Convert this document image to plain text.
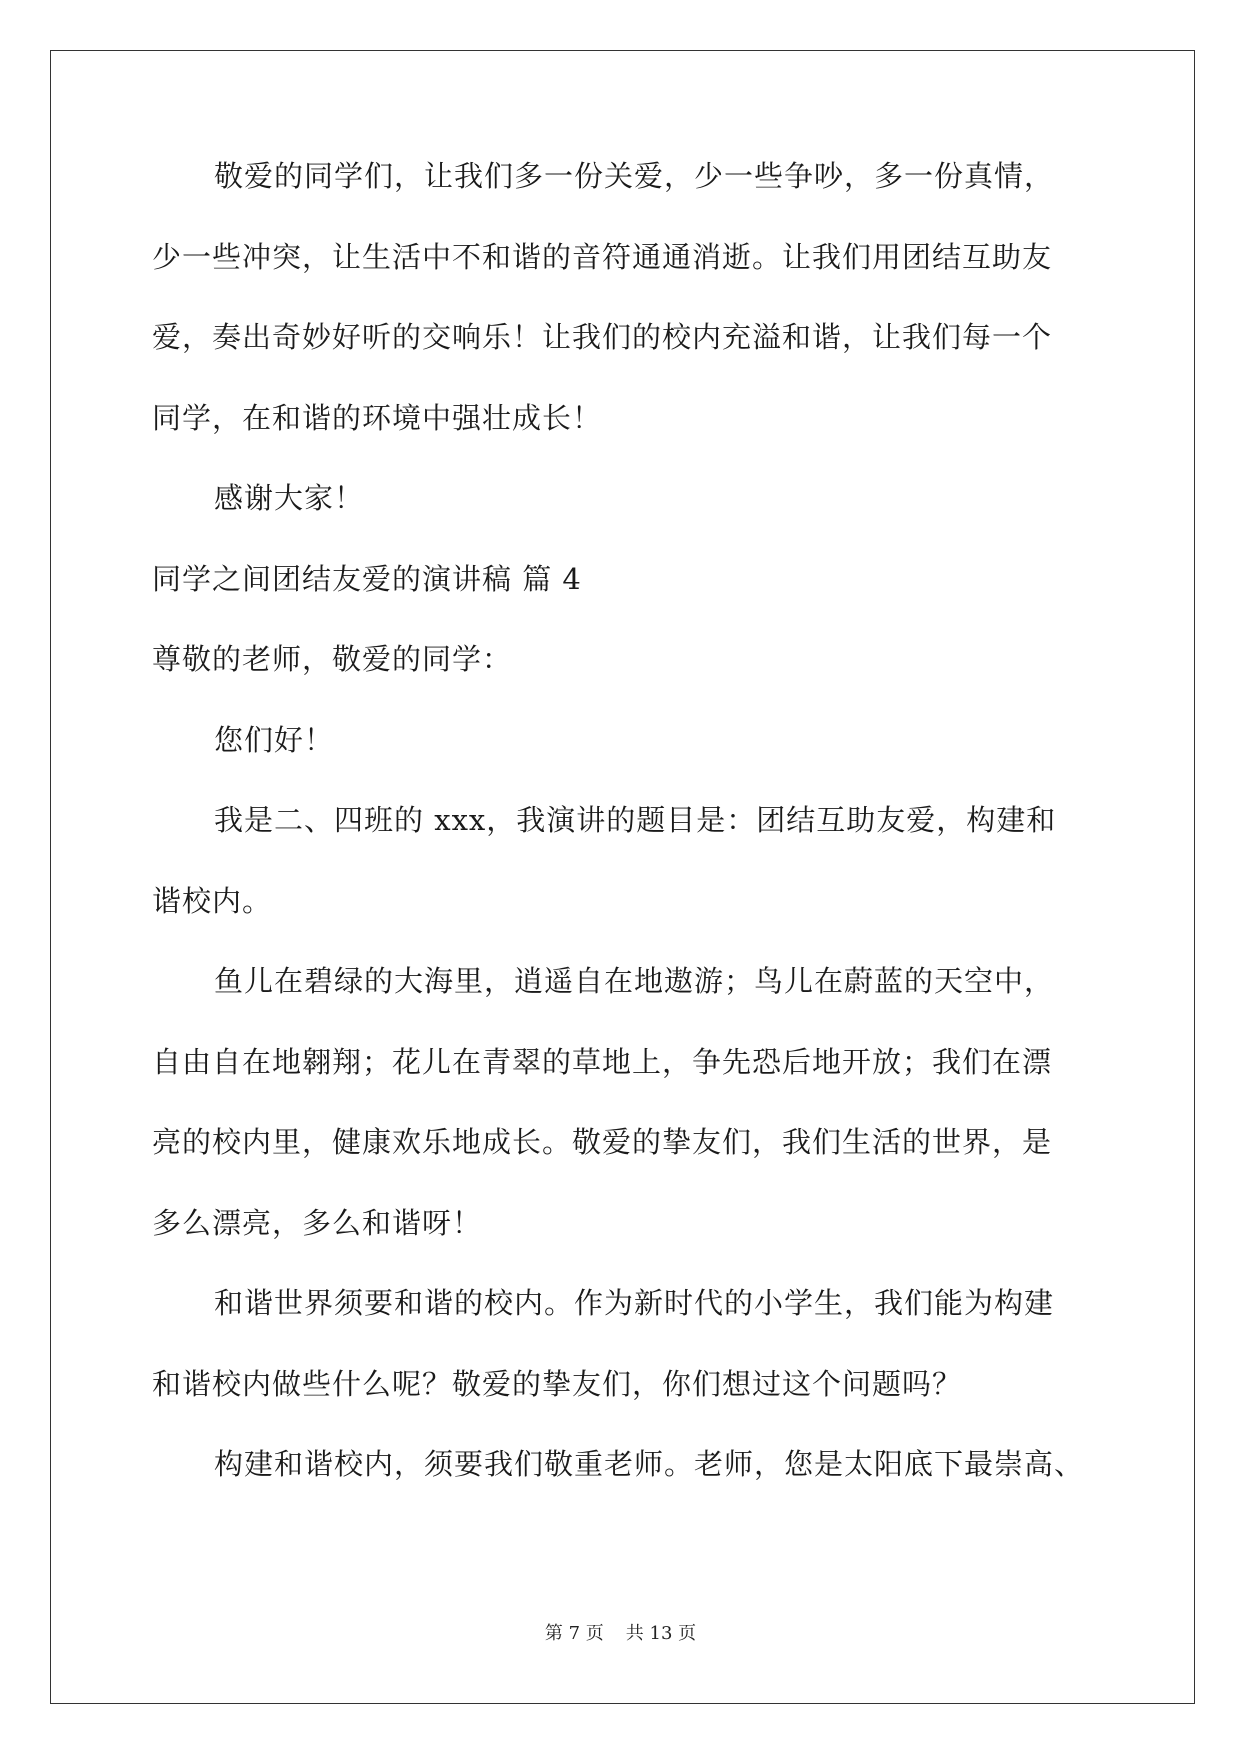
敬爱的同学们，让我们多一份关爱，少一些争吵，多一份真情，
少一些冲突，让生活中不和谐的音符通通消逝。让我们用团结互助友
爱，奏出奇妙好听的交响乐！让我们的校内充溢和谐，让我们每一个
同学，在和谐的环境中强壮成长！
感谢大家！
同学之间团结友爱的演讲稿 篇 4
尊敬的老师，敬爱的同学：
您们好！
我是二、四班的 xxx，我演讲的题目是：团结互助友爱，构建和
谐校内。
鱼儿在碧绿的大海里，逍遥自在地遨游；鸟儿在蔚蓝的天空中，
自由自在地翱翔；花儿在青翠的草地上，争先恐后地开放；我们在漂
亮的校内里，健康欢乐地成长。敬爱的挚友们，我们生活的世界，是
多么漂亮，多么和谐呀！
和谐世界须要和谐的校内。作为新时代的小学生，我们能为构建
和谐校内做些什么呢？敬爱的挚友们，你们想过这个问题吗？
构建和谐校内，须要我们敬重老师。老师，您是太阳底下最崇高、
第 7 页 共 13 页
